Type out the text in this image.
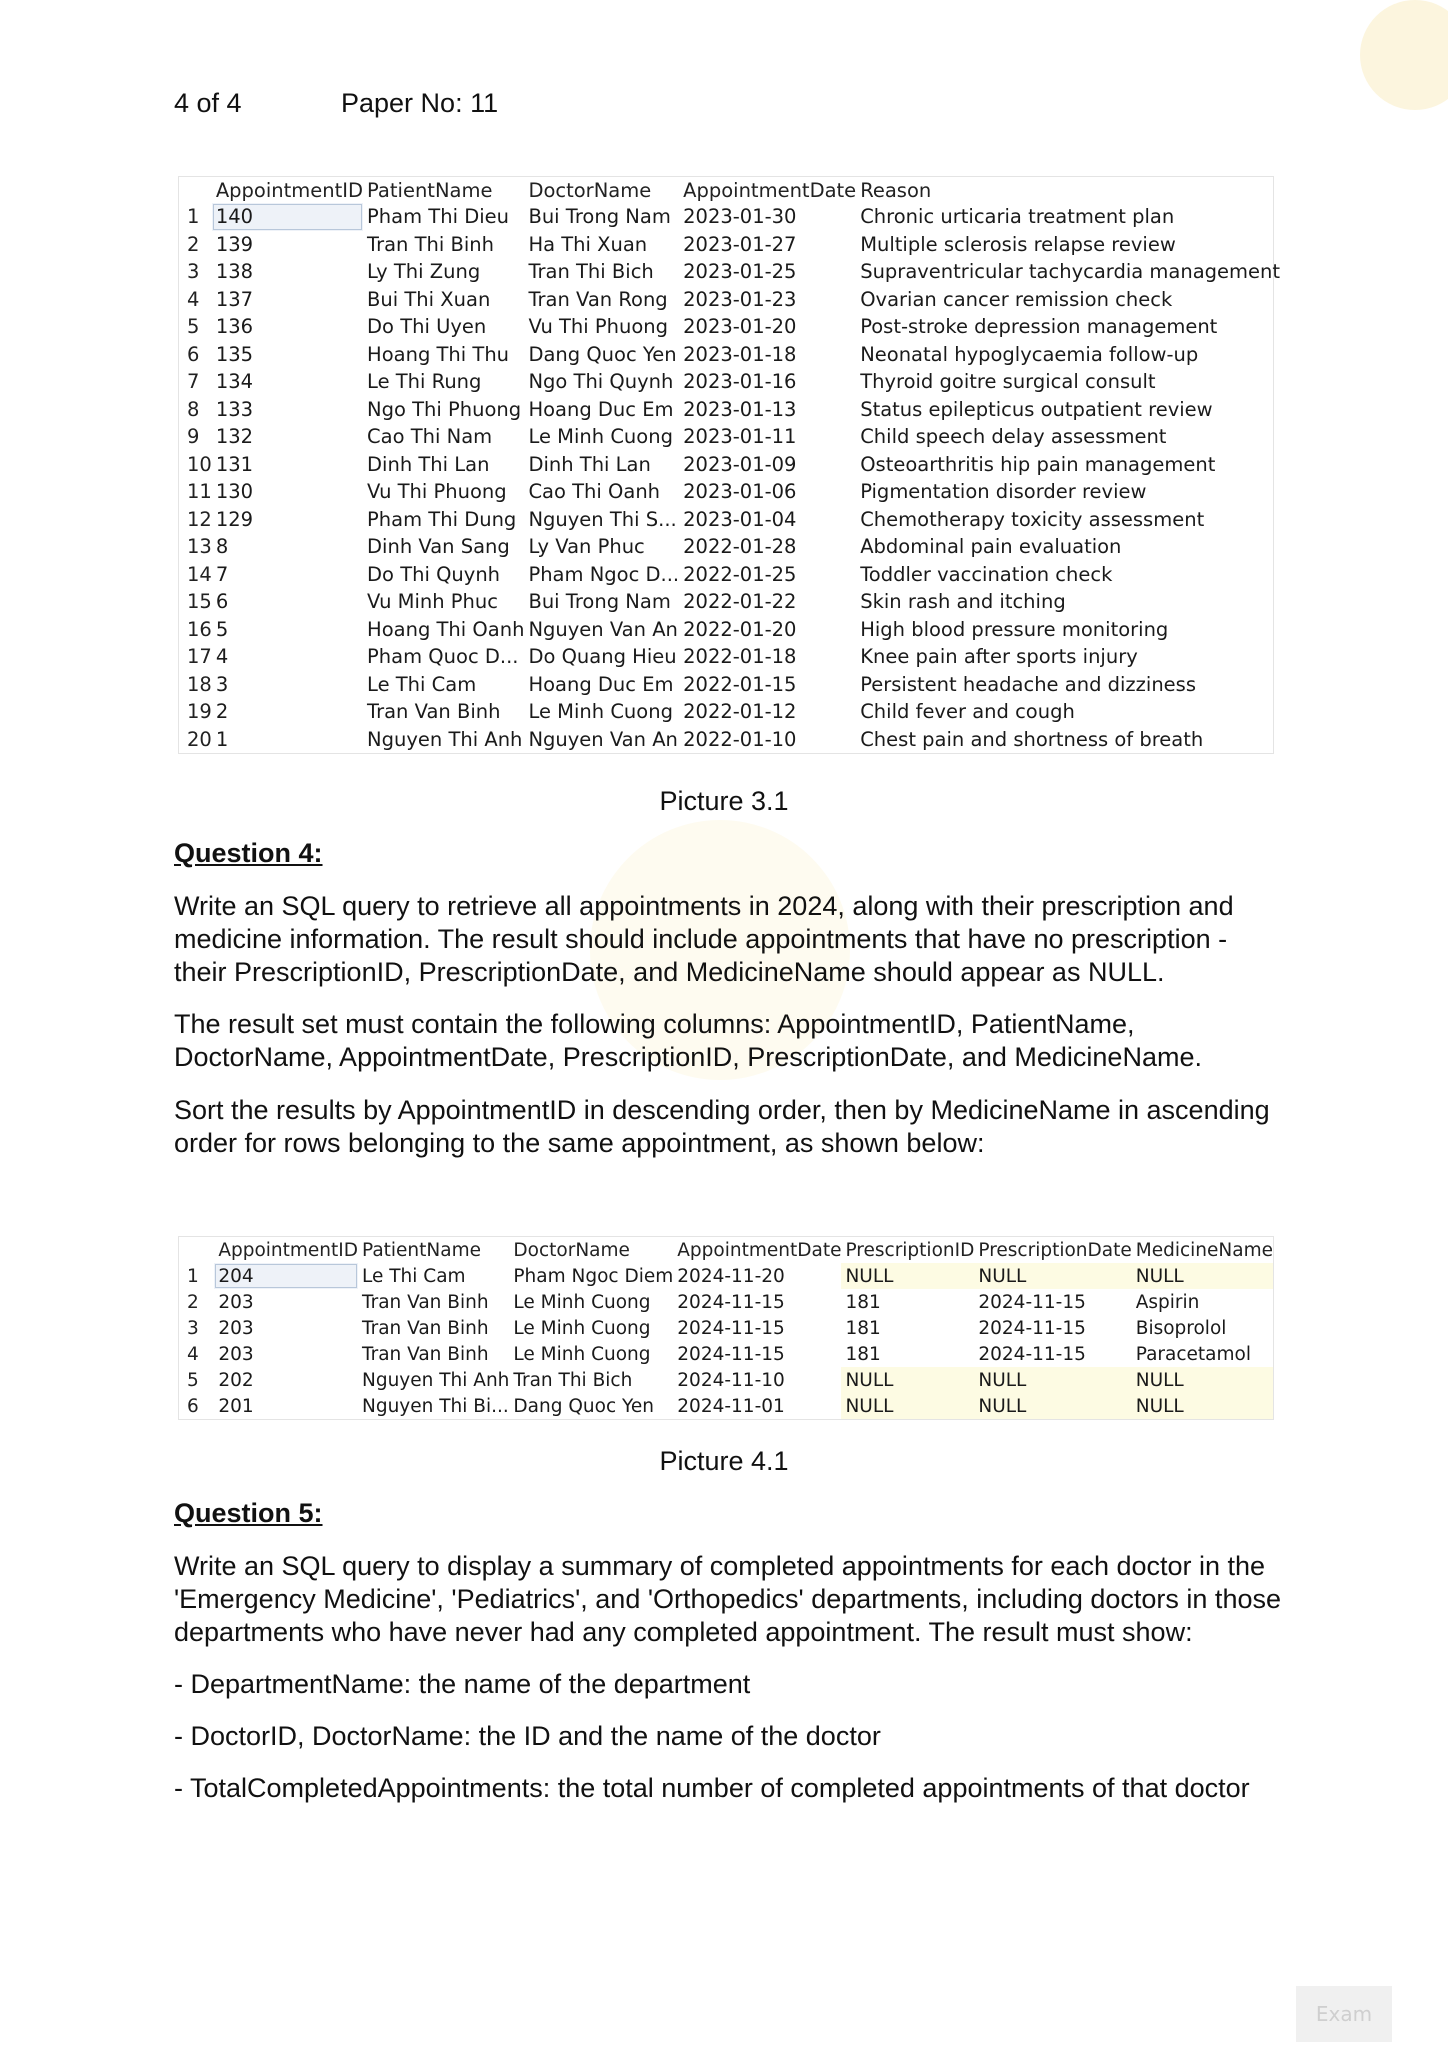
4 of 4	Paper No: 11
	AppointmentID	PatientName	DoctorName	AppointmentDate	Reason
1	140	Pham Thi Dieu	Bui Trong Nam	2023-01-30	Chronic urticaria treatment plan
2	139	Tran Thi Binh	Ha Thi Xuan	2023-01-27	Multiple sclerosis relapse review
3	138	Ly Thi Zung	Tran Thi Bich	2023-01-25	Supraventricular tachycardia management
4	137	Bui Thi Xuan	Tran Van Rong	2023-01-23	Ovarian cancer remission check
5	136	Do Thi Uyen	Vu Thi Phuong	2023-01-20	Post-stroke depression management
6	135	Hoang Thi Thu	Dang Quoc Yen	2023-01-18	Neonatal hypoglycaemia follow-up
7	134	Le Thi Rung	Ngo Thi Quynh	2023-01-16	Thyroid goitre surgical consult
8	133	Ngo Thi Phuong	Hoang Duc Em	2023-01-13	Status epilepticus outpatient review
9	132	Cao Thi Nam	Le Minh Cuong	2023-01-11	Child speech delay assessment
10	131	Dinh Thi Lan	Dinh Thi Lan	2023-01-09	Osteoarthritis hip pain management
11	130	Vu Thi Phuong	Cao Thi Oanh	2023-01-06	Pigmentation disorder review
12	129	Pham Thi Dung	Nguyen Thi S...	2023-01-04	Chemotherapy toxicity assessment
13	8	Dinh Van Sang	Ly Van Phuc	2022-01-28	Abdominal pain evaluation
14	7	Do Thi Quynh	Pham Ngoc D...	2022-01-25	Toddler vaccination check
15	6	Vu Minh Phuc	Bui Trong Nam	2022-01-22	Skin rash and itching
16	5	Hoang Thi Oanh	Nguyen Van An	2022-01-20	High blood pressure monitoring
17	4	Pham Quoc D...	Do Quang Hieu	2022-01-18	Knee pain after sports injury
18	3	Le Thi Cam	Hoang Duc Em	2022-01-15	Persistent headache and dizziness
19	2	Tran Van Binh	Le Minh Cuong	2022-01-12	Child fever and cough
20	1	Nguyen Thi Anh	Nguyen Van An	2022-01-10	Chest pain and shortness of breath
Picture 3.1
Question 4:
Write an SQL query to retrieve all appointments in 2024, along with their prescription and medicine information. The result should include appointments that have no prescription - their PrescriptionID, PrescriptionDate, and MedicineName should appear as NULL.
The result set must contain the following columns: AppointmentID, PatientName, DoctorName, AppointmentDate, PrescriptionID, PrescriptionDate, and MedicineName.
Sort the results by AppointmentID in descending order, then by MedicineName in ascending order for rows belonging to the same appointment, as shown below:
	AppointmentID	PatientName	DoctorName	AppointmentDate	PrescriptionID	PrescriptionDate	MedicineName
1	204	Le Thi Cam	Pham Ngoc Diem	2024-11-20	NULL	NULL	NULL
2	203	Tran Van Binh	Le Minh Cuong	2024-11-15	181	2024-11-15	Aspirin
3	203	Tran Van Binh	Le Minh Cuong	2024-11-15	181	2024-11-15	Bisoprolol
4	203	Tran Van Binh	Le Minh Cuong	2024-11-15	181	2024-11-15	Paracetamol
5	202	Nguyen Thi Anh	Tran Thi Bich	2024-11-10	NULL	NULL	NULL
6	201	Nguyen Thi Bi...	Dang Quoc Yen	2024-11-01	NULL	NULL	NULL
Picture 4.1
Question 5:
Write an SQL query to display a summary of completed appointments for each doctor in the 'Emergency Medicine', 'Pediatrics', and 'Orthopedics' departments, including doctors in those departments who have never had any completed appointment. The result must show:
- DepartmentName: the name of the department
- DoctorID, DoctorName: the ID and the name of the doctor
- TotalCompletedAppointments: the total number of completed appointments of that doctor
Exam
